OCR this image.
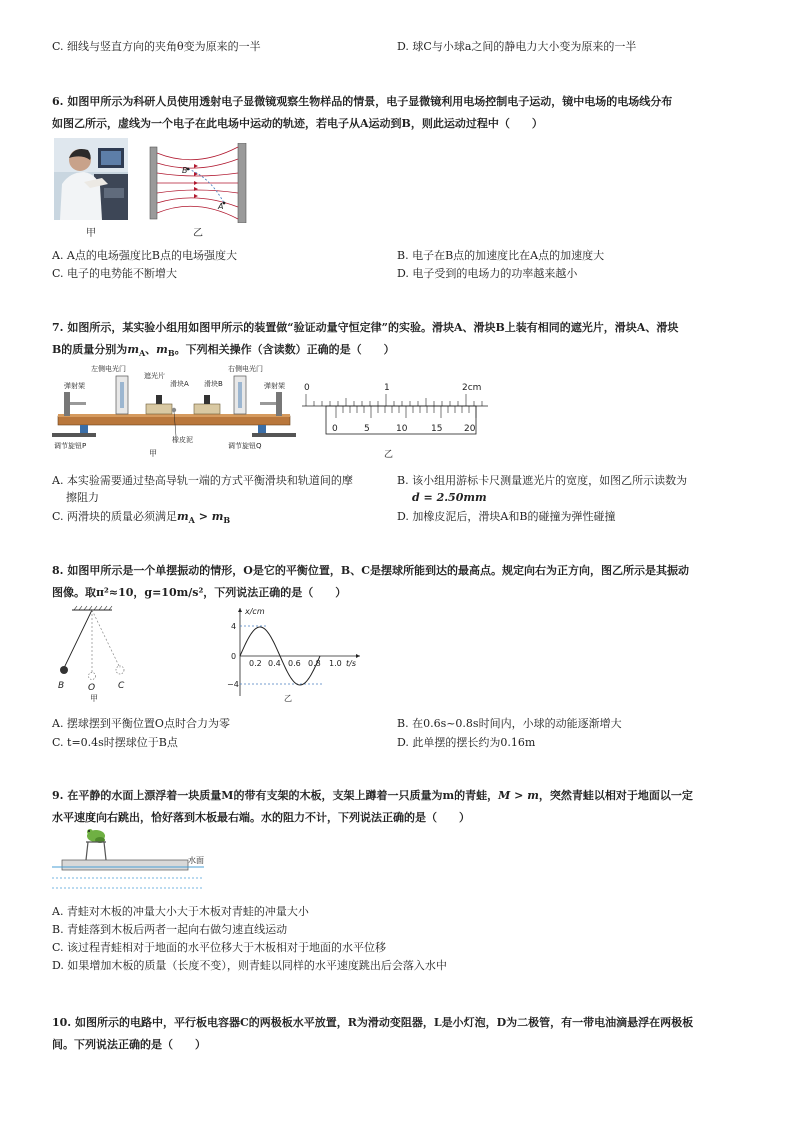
C. 细线与竖直方向的夹角θ变为原来的一半	D. 球C与小球a之间的静电力大小变为原来的一半
6. 如图甲所示为科研人员使用透射电子显微镜观察生物样品的情景，电子显微镜利用电场控制电子运动，镜中电场的电场线分布
如图乙所示，虚线为一个电子在此电场中运动的轨迹，若电子从A运动到B，则此运动过程中（　　）
甲
B
A
乙
A. A点的电场强度比B点的电场强度大	B. 电子在B点的加速度比在A点的加速度大
C. 电子的电势能不断增大	D. 电子受到的电场力的功率越来越小
7. 如图所示，某实验小组用如图甲所示的装置做“验证动量守恒定律”的实验。滑块A、滑块B上装有相同的遮光片，滑块A、滑块
B的质量分别为$m_A$、$m_B$。下列相关操作（含读数）正确的是（　　）
左侧电光门
遮光片
滑块A 滑块B
右侧电光门
弹射架	弹射架
调节旋钮P
橡皮泥
调节旋钮Q
甲
0	1	2cm
0	5	10	15 20
乙
A. 本实验需要通过垫高导轨一端的方式平衡滑块和轨道间的摩
擦阻力
B. 该小组用游标卡尺测量遮光片的宽度，如图乙所示读数为
d = 2.50mm
C. 两滑块的质量必须满足$m_A > m_B$	D. 加橡皮泥后，滑块A和B的碰撞为弹性碰撞
8. 如图甲所示是一个单摆振动的情形，O是它的平衡位置，B、C是摆球所能到达的最高点。规定向右为正方向，图乙所示是其振动
图像。取π²≈10，g=10m/s²，下列说法正确的是（　　）
B	O	C
甲
x/cm
4
0
−4
0.2 0.4 0.6 0.8 1.0 t/s
乙
A. 摆球摆到平衡位置O点时合力为零	B. 在0.6s~0.8s时间内，小球的动能逐渐增大
C. t=0.4s时摆球位于B点	D. 此单摆的摆长约为0.16m
9. 在平静的水面上漂浮着一块质量M的带有支架的木板，支架上蹲着一只质量为m的青蛙，M > m，突然青蛙以相对于地面以一定
水平速度向右跳出，恰好落到木板最右端。水的阻力不计，下列说法正确的是（　　）
水面
A. 青蛙对木板的冲量大小大于木板对青蛙的冲量大小
B. 青蛙落到木板后两者一起向右做匀速直线运动
C. 该过程青蛙相对于地面的水平位移大于木板相对于地面的水平位移
D. 如果增加木板的质量（长度不变），则青蛙以同样的水平速度跳出后会落入水中
10. 如图所示的电路中，平行板电容器C的两极板水平放置，R为滑动变阻器，L是小灯泡，D为二极管，有一带电油滴悬浮在两极板
间。下列说法正确的是（　　）
